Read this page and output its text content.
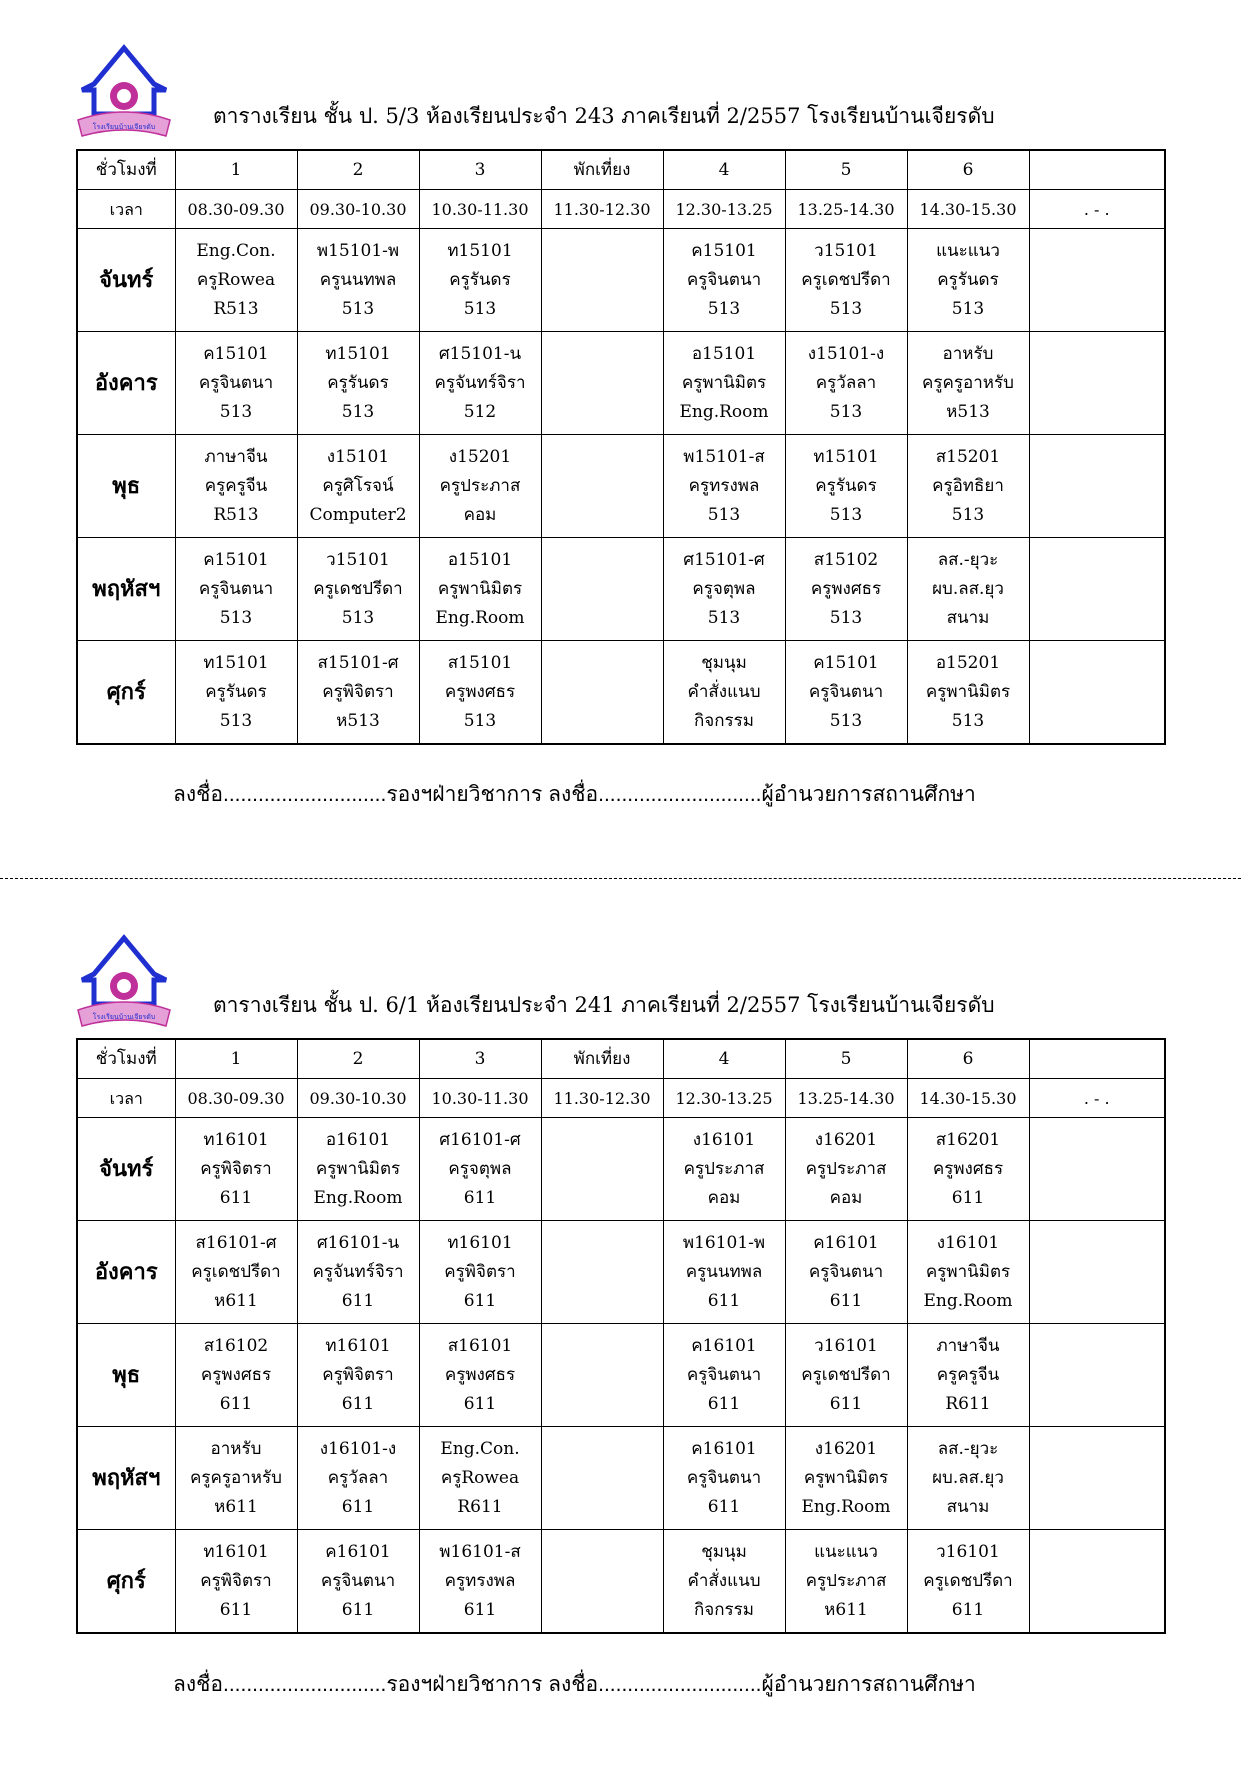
โรงเรียนบ้านเจียรดับ	ตารางเรียน ชั้น ป. 5/3 ห้องเรียนประจำ 243 ภาคเรียนที่ 2/2557 โรงเรียนบ้านเจียรดับ
ชั่วโมงที่	1	2	3	พักเที่ยง	4	5	6	
เวลา	08.30-09.30	09.30-10.30	10.30-11.30	11.30-12.30	12.30-13.25	13.25-14.30	14.30-15.30	. - .
จันทร์	Eng.Con.
ครูRowea
R513	พ15101-พ
ครูนนทพล
513	ท15101
ครูรันดร
513		ค15101
ครูจินตนา
513	ว15101
ครูเดชปรีดา
513	แนะแนว
ครูรันดร
513	

อังคาร	ค15101
ครูจินตนา
513	ท15101
ครูรันดร
513	ศ15101-น
ครูจันทร์จิรา
512		อ15101
ครูพานิมิตร
Eng.Room	ง15101-ง
ครูวัลลา
513	อาหรับ
ครูครูอาหรับ
ห513	

พุธ	ภาษาจีน
ครูครูจีน
R513	ง15101
ครูศิโรจน์
Computer2	ง15201
ครูประภาส
คอม		พ15101-ส
ครูทรงพล
513	ท15101
ครูรันดร
513	ส15201
ครูอิทธิยา
513	

พฤหัสฯ	ค15101
ครูจินตนา
513	ว15101
ครูเดชปรีดา
513	อ15101
ครูพานิมิตร
Eng.Room		ศ15101-ศ
ครูจตุพล
513	ส15102
ครูพงศธร
513	ลส.-ยุวะ
ผบ.ลส.ยุว
สนาม	

ศุกร์	ท15101
ครูรันดร
513	ส15101-ศ
ครูพิจิตรา
ห513	ส15101
ครูพงศธร
513		ชุมนุม
คำสั่งแนบ
กิจกรรม	ค15101
ครูจินตนา
513	อ15201
ครูพานิมิตร
513	

ลงชื่อ............................รองฯฝ่ายวิชาการ ลงชื่อ............................ผู้อำนวยการสถานศึกษา
โรงเรียนบ้านเจียรดับ	ตารางเรียน ชั้น ป. 6/1 ห้องเรียนประจำ 241 ภาคเรียนที่ 2/2557 โรงเรียนบ้านเจียรดับ
ชั่วโมงที่	1	2	3	พักเที่ยง	4	5	6	
เวลา	08.30-09.30	09.30-10.30	10.30-11.30	11.30-12.30	12.30-13.25	13.25-14.30	14.30-15.30	. - .
จันทร์	ท16101
ครูพิจิตรา
611	อ16101
ครูพานิมิตร
Eng.Room	ศ16101-ศ
ครูจตุพล
611		ง16101
ครูประภาส
คอม	ง16201
ครูประภาส
คอม	ส16201
ครูพงศธร
611	

อังคาร	ส16101-ศ
ครูเดชปรีดา
ห611	ศ16101-น
ครูจันทร์จิรา
611	ท16101
ครูพิจิตรา
611		พ16101-พ
ครูนนทพล
611	ค16101
ครูจินตนา
611	ง16101
ครูพานิมิตร
Eng.Room	

พุธ	ส16102
ครูพงศธร
611	ท16101
ครูพิจิตรา
611	ส16101
ครูพงศธร
611		ค16101
ครูจินตนา
611	ว16101
ครูเดชปรีดา
611	ภาษาจีน
ครูครูจีน
R611	

พฤหัสฯ	อาหรับ
ครูครูอาหรับ
ห611	ง16101-ง
ครูวัลลา
611	Eng.Con.
ครูRowea
R611		ค16101
ครูจินตนา
611	ง16201
ครูพานิมิตร
Eng.Room	ลส.-ยุวะ
ผบ.ลส.ยุว
สนาม	

ศุกร์	ท16101
ครูพิจิตรา
611	ค16101
ครูจินตนา
611	พ16101-ส
ครูทรงพล
611		ชุมนุม
คำสั่งแนบ
กิจกรรม	แนะแนว
ครูประภาส
ห611	ว16101
ครูเดชปรีดา
611	

ลงชื่อ............................รองฯฝ่ายวิชาการ ลงชื่อ............................ผู้อำนวยการสถานศึกษา
